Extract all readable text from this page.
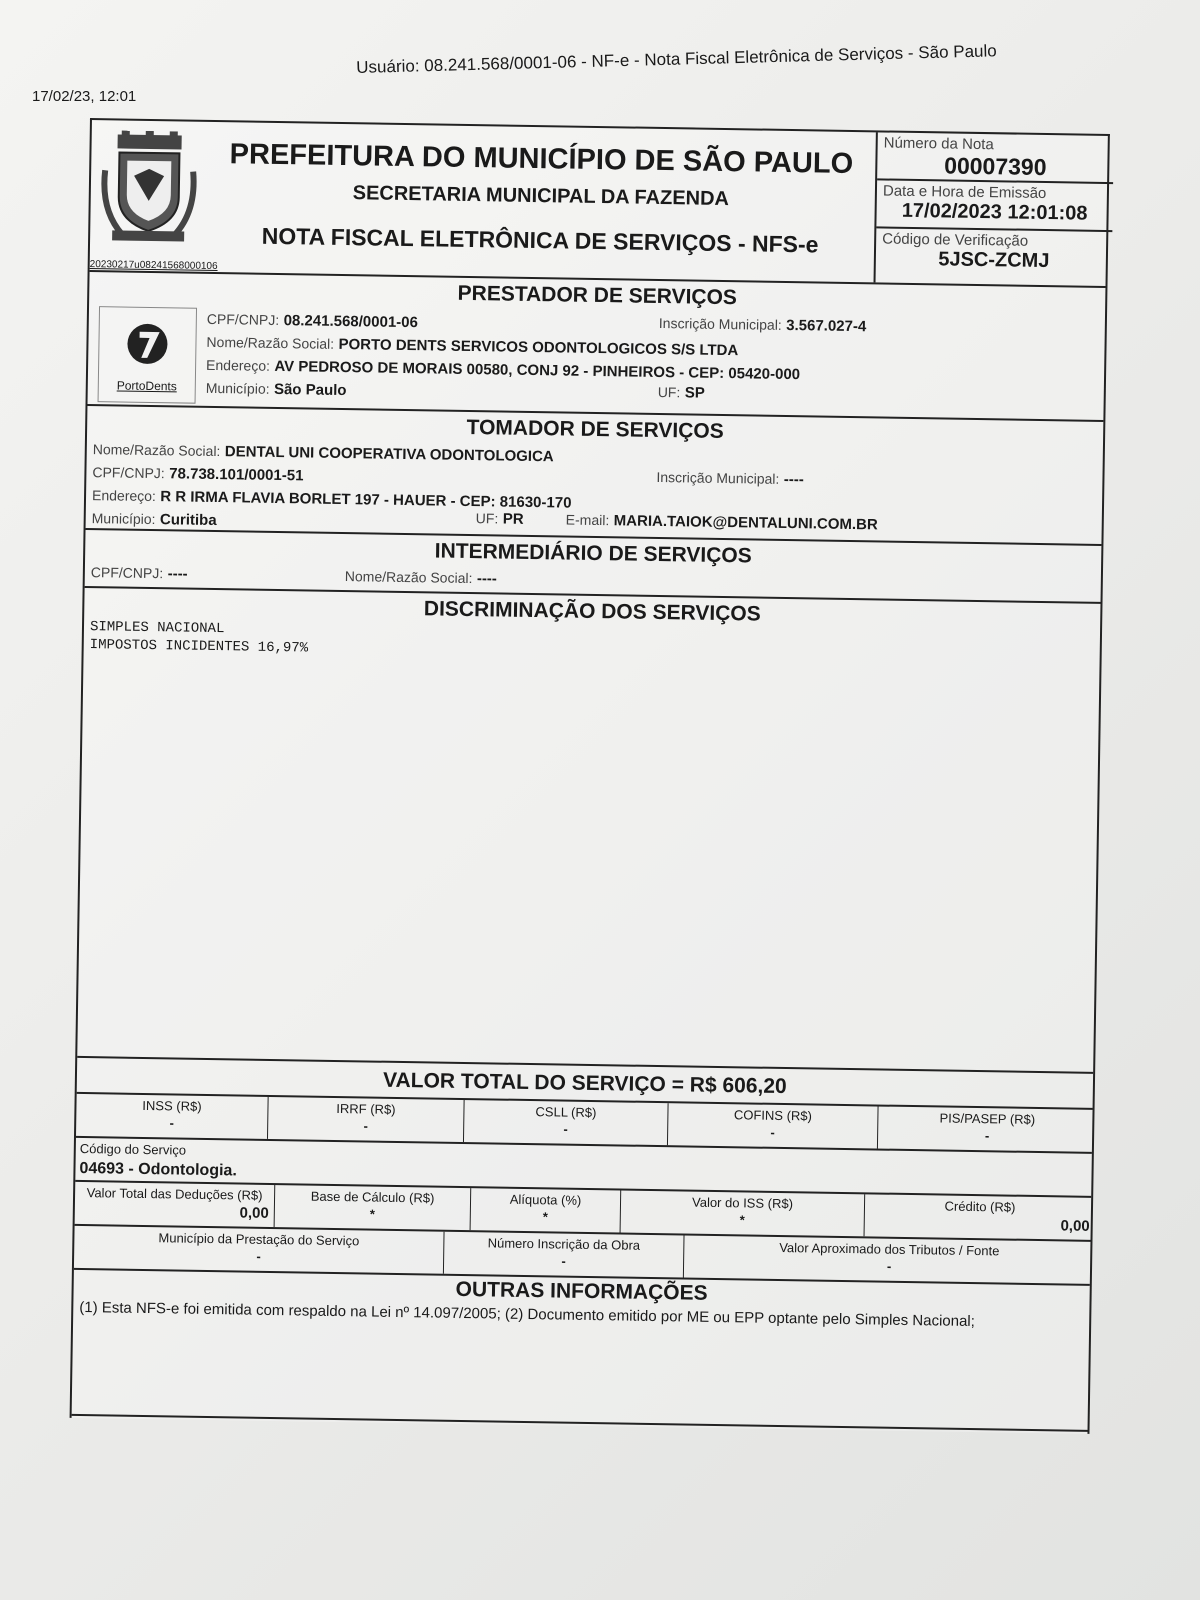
17/02/23, 12:01
Usuário: 08.241.568/0001-06 - NF-e - Nota Fiscal Eletrônica de Serviços - São Paulo
20230217u08241568000106
PREFEITURA DO MUNICÍPIO DE SÃO PAULO
SECRETARIA MUNICIPAL DA FAZENDA
NOTA FISCAL ELETRÔNICA DE SERVIÇOS - NFS-e
Número da Nota
00007390
Data e Hora de Emissão
17/02/2023 12:01:08
Código de Verificação
5JSC-ZCMJ
PRESTADOR DE SERVIÇOS
PortoDents
CPF/CNPJ: 08.241.568/0001-06
Nome/Razão Social: PORTO DENTS SERVICOS ODONTOLOGICOS S/S LTDA
Endereço: AV PEDROSO DE MORAIS 00580, CONJ 92 - PINHEIROS - CEP: 05420-000
Município: São Paulo
Inscrição Municipal: 3.567.027-4
UF: SP
TOMADOR DE SERVIÇOS
Nome/Razão Social: DENTAL UNI COOPERATIVA ODONTOLOGICA
CPF/CNPJ: 78.738.101/0001-51
Endereço: R R IRMA FLAVIA BORLET 197 - HAUER - CEP: 81630-170
Município: Curitiba
Inscrição Municipal: ----
UF: PR	E-mail: MARIA.TAIOK@DENTALUNI.COM.BR
INTERMEDIÁRIO DE SERVIÇOS
CPF/CNPJ: ----	Nome/Razão Social: ----
DISCRIMINAÇÃO DOS SERVIÇOS
SIMPLES NACIONAL
IMPOSTOS INCIDENTES 16,97%
VALOR TOTAL DO SERVIÇO = R$ 606,20
INSS (R$)
-
IRRF (R$)
-
CSLL (R$)
-
COFINS (R$)
-
PIS/PASEP (R$)
-
Código do Serviço
04693 - Odontologia.
Valor Total das Deduções (R$)
0,00
Base de Cálculo (R$)
*
Alíquota (%)
*
Valor do ISS (R$)
*
Crédito (R$)
0,00
Município da Prestação do Serviço
-
Número Inscrição da Obra
-
Valor Aproximado dos Tributos / Fonte
-
OUTRAS INFORMAÇÕES
(1) Esta NFS-e foi emitida com respaldo na Lei nº 14.097/2005; (2) Documento emitido por ME ou EPP optante pelo Simples Nacional;
